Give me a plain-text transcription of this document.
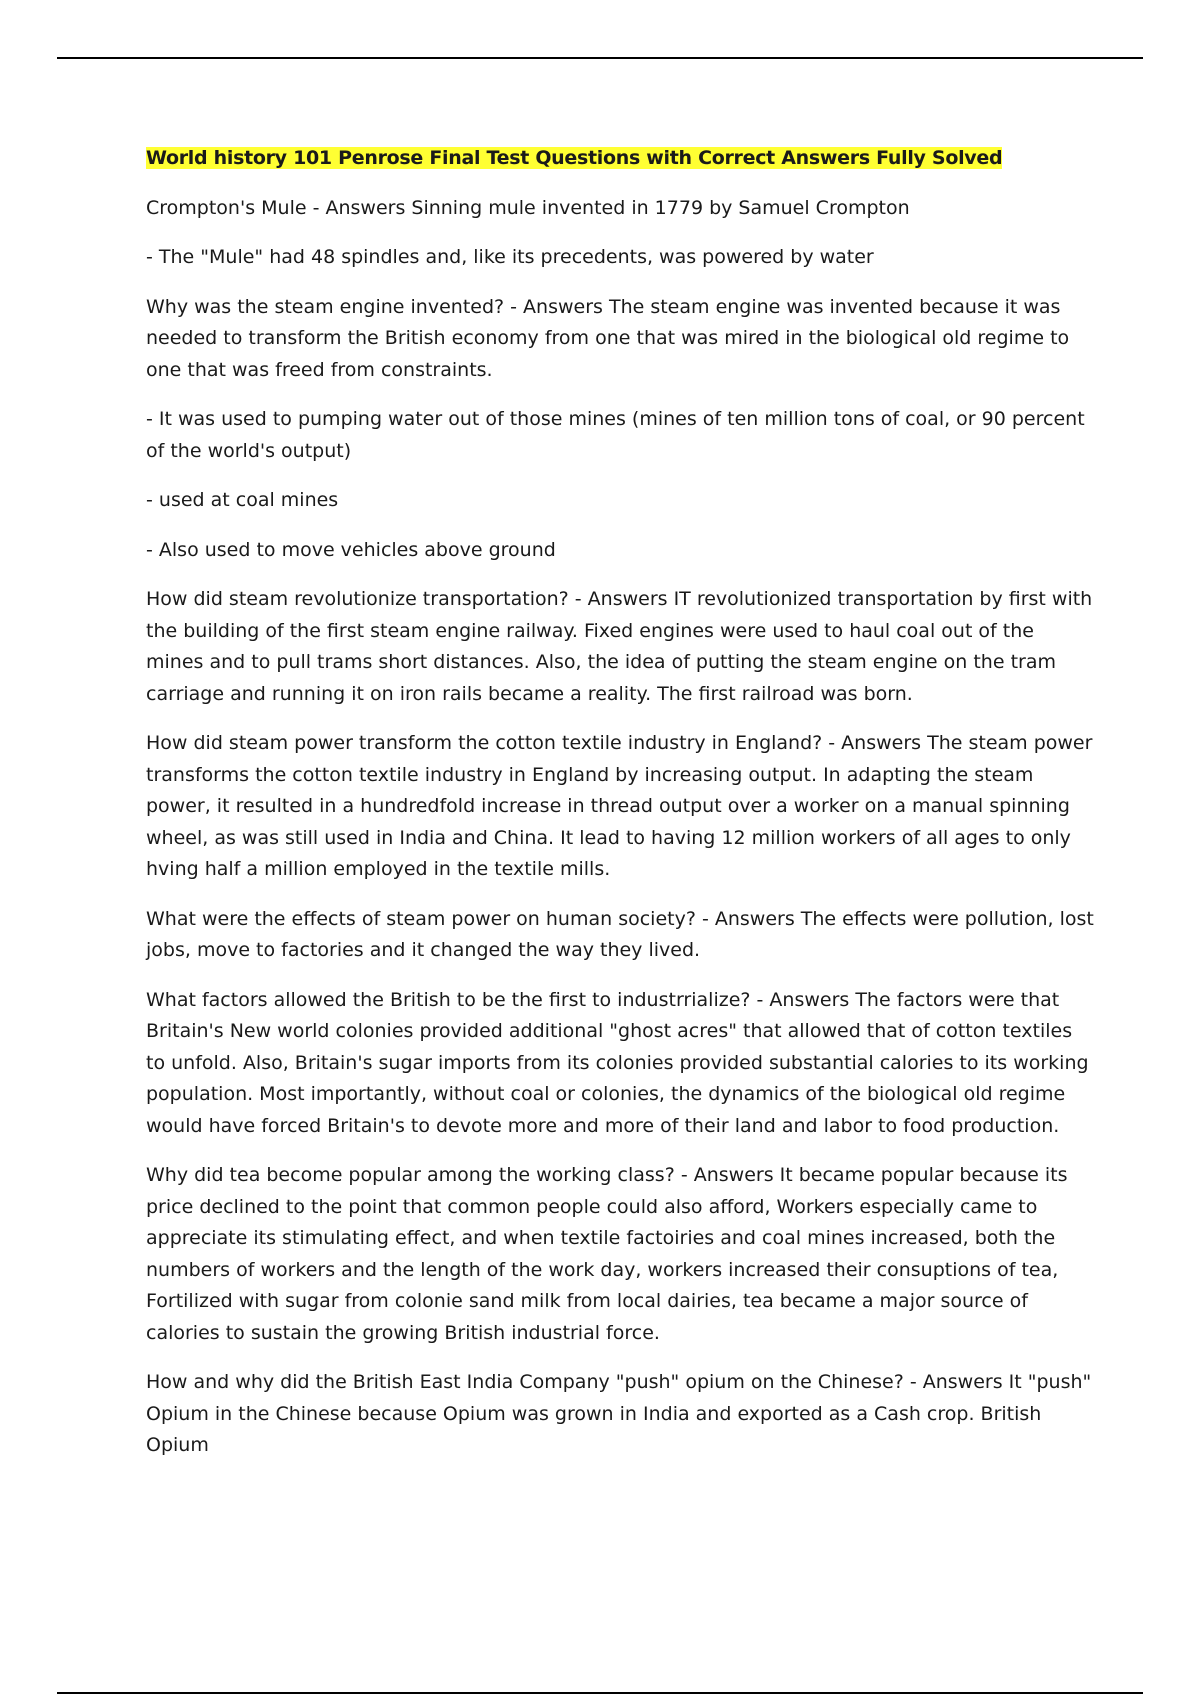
World history 101 Penrose Final Test Questions with Correct Answers Fully Solved

Crompton's Mule - Answers Sinning mule invented in 1779 by Samuel Crompton

- The "Mule" had 48 spindles and, like its precedents, was powered by water

Why was the steam engine invented? - Answers The steam engine was invented because it was needed to transform the British economy from one that was mired in the biological old regime to one that was freed from constraints.

- It was used to pumping water out of those mines (mines of ten million tons of coal, or 90 percent of the world's output)

- used at coal mines

- Also used to move vehicles above ground

How did steam revolutionize transportation? - Answers IT revolutionized transportation by first with the building of the first steam engine railway. Fixed engines were used to haul coal out of the mines and to pull trams short distances. Also, the idea of putting the steam engine on the tram carriage and running it on iron rails became a reality. The first railroad was born.

How did steam power transform the cotton textile industry in England? - Answers The steam power transforms the cotton textile industry in England by increasing output. In adapting the steam power, it resulted in a hundredfold increase in thread output over a worker on a manual spinning wheel, as was still used in India and China. It lead to having 12 million workers of all ages to only hving half a million employed in the textile mills.

What were the effects of steam power on human society? - Answers The effects were pollution, lost jobs, move to factories and it changed the way they lived.

What factors allowed the British to be the first to industrrialize? - Answers The factors were that Britain's New world colonies provided additional "ghost acres" that allowed that of cotton textiles to unfold. Also, Britain's sugar imports from its colonies provided substantial calories to its working population. Most importantly, without coal or colonies, the dynamics of the biological old regime would have forced Britain's to devote more and more of their land and labor to food production.

Why did tea become popular among the working class? - Answers It became popular because its price declined to the point that common people could also afford, Workers especially came to appreciate its stimulating effect, and when textile factoiries and coal mines increased, both the numbers of workers and the length of the work day, workers increased their consuptions of tea, Fortilized with sugar from colonie sand milk from local dairies, tea became a major source of calories to sustain the growing British industrial force.

How and why did the British East India Company "push" opium on the Chinese? - Answers It "push" Opium in the Chinese because Opium was grown in India and exported as a Cash crop. British Opium
